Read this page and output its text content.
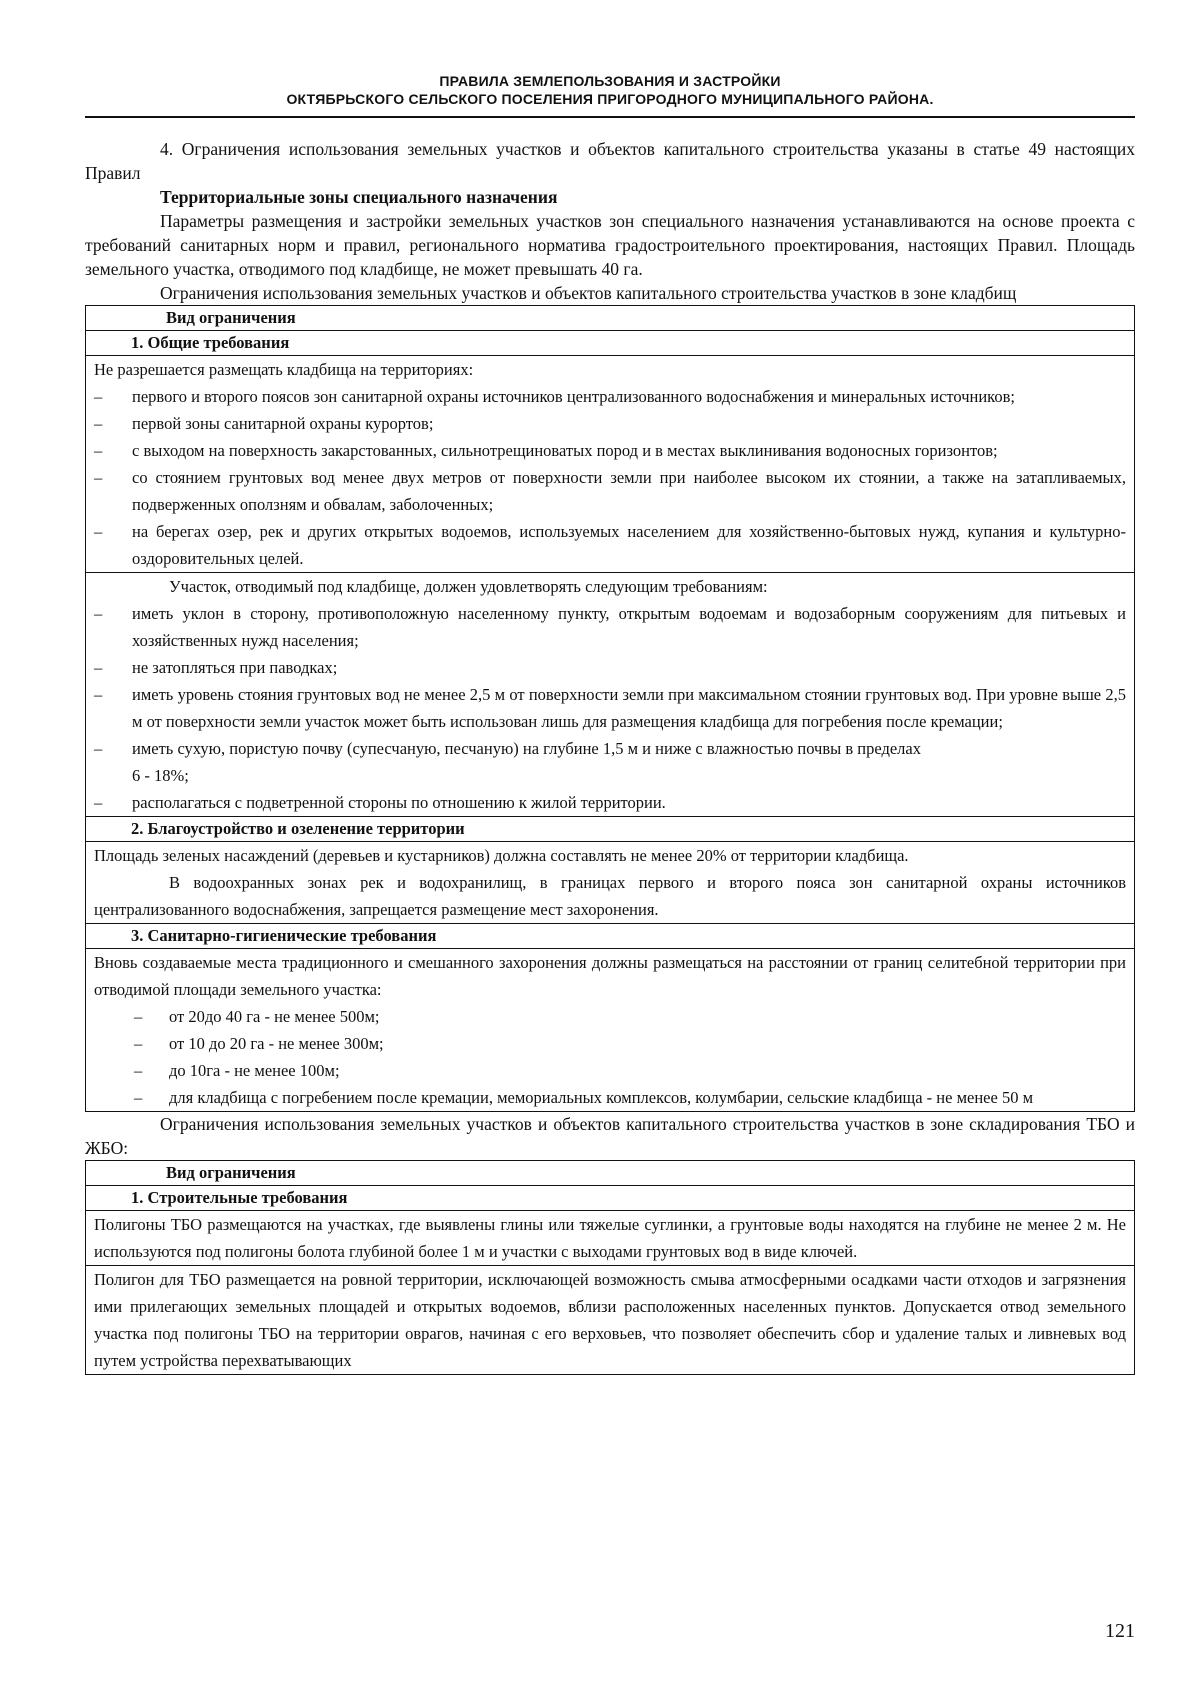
ПРАВИЛА ЗЕМЛЕПОЛЬЗОВАНИЯ И ЗАСТРОЙКИ
ОКТЯБРЬСКОГО СЕЛЬСКОГО ПОСЕЛЕНИЯ ПРИГОРОДНОГО МУНИЦИПАЛЬНОГО РАЙОНА.

4. Ограничения использования земельных участков и объектов капитального строительства указаны в статье 49 настоящих Правил

Территориальные зоны специального назначения

Параметры размещения и застройки земельных участков зон специального назначения устанавливаются на основе проекта с требований санитарных норм и правил, регионального норматива градостроительного проектирования, настоящих Правил. Площадь земельного участка, отводимого под кладбище, не может превышать 40 га.

Ограничения использования земельных участков и объектов капитального строительства участков в зоне кладбищ

Вид ограничения
1. Общие требования

Не разрешается размещать кладбища на территориях:
– первого и второго поясов зон санитарной охраны источников централизованного водоснабжения и минеральных источников;
– первой зоны санитарной охраны курортов;
– с выходом на поверхность закарстованных, сильнотрещиноватых пород и в местах выклинивания водоносных горизонтов;
– со стоянием грунтовых вод менее двух метров от поверхности земли при наиболее высоком их стоянии, а также на затапливаемых, подверженных оползням и обвалам, заболоченных;
– на берегах озер, рек и других открытых водоемов, используемых населением для хозяйственно-бытовых нужд, купания и культурно-оздоровительных целей.

Участок, отводимый под кладбище, должен удовлетворять следующим требованиям:
– иметь уклон в сторону, противоположную населенному пункту, открытым водоемам и водозаборным сооружениям для питьевых и хозяйственных нужд населения;
– не затопляться при паводках;
– иметь уровень стояния грунтовых вод не менее 2,5 м от поверхности земли при максимальном стоянии грунтовых вод. При уровне выше 2,5 м от поверхности земли участок может быть использован лишь для размещения кладбища для погребения после кремации;
– иметь сухую, пористую почву (супесчаную, песчаную) на глубине 1,5 м и ниже с влажностью почвы в пределах
6 - 18%;
– располагаться с подветренной стороны по отношению к жилой территории.

2. Благоустройство и озеленение территории

Площадь зеленых насаждений (деревьев и кустарников) должна составлять не менее 20% от территории кладбища.
В водоохранных зонах рек и водохранилищ, в границах первого и второго пояса зон санитарной охраны источников централизованного водоснабжения, запрещается размещение мест захоронения.

3. Санитарно-гигиенические требования

Вновь создаваемые места традиционного и смешанного захоронения должны размещаться на расстоянии от границ селитебной территории при отводимой площади земельного участка:
– от 20до 40 га - не менее 500м;
– от 10 до 20 га - не менее 300м;
– до 10га - не менее 100м;
– для кладбища с погребением после кремации, мемориальных комплексов, колумбарии, сельские кладбища - не менее 50 м

Ограничения использования земельных участков и объектов капитального строительства участков в зоне складирования ТБО и ЖБО:

Вид ограничения
1. Строительные требования
Полигоны ТБО размещаются на участках, где выявлены глины или тяжелые суглинки, а грунтовые воды находятся на глубине не менее 2 м. Не используются под полигоны болота глубиной более 1 м и участки с выходами грунтовых вод в виде ключей.
Полигон для ТБО размещается на ровной территории, исключающей возможность смыва атмосферными осадками части отходов и загрязнения ими прилегающих земельных площадей и открытых водоемов, вблизи расположенных населенных пунктов. Допускается отвод земельного участка под полигоны ТБО на территории оврагов, начиная с его верховьев, что позволяет обеспечить сбор и удаление талых и ливневых вод путем устройства перехватывающих
121
